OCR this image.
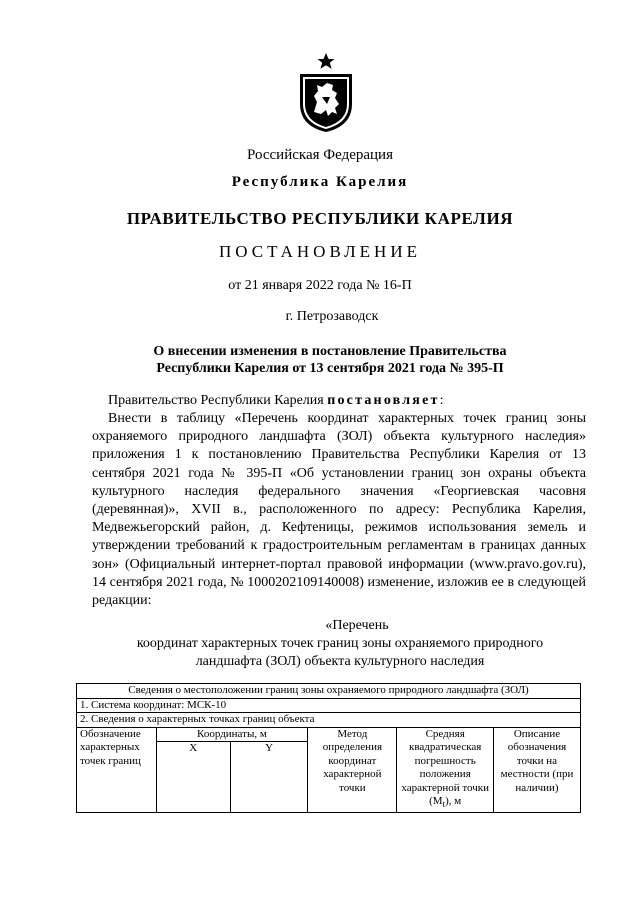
Российская Федерация
Республика Карелия
ПРАВИТЕЛЬСТВО РЕСПУБЛИКИ КАРЕЛИЯ
ПОСТАНОВЛЕНИЕ
от 21 января 2022 года № 16-П
г. Петрозаводск
О внесении изменения в постановление Правительства
Республики Карелия от 13 сентября 2021 года № 395-П
Правительство Республики Карелия постановляет:
Внести в таблицу «Перечень координат характерных точек границ зоны охраняемого природного ландшафта (ЗОЛ) объекта культурного наследия» приложения 1 к постановлению Правительства Республики Карелия от 13 сентября 2021 года № 395-П «Об установлении границ зон охраны объекта культурного наследия федерального значения «Георгиевская часовня (деревянная)», XVII в., расположенного по адресу: Республика Карелия, Медвежьегорский район, д. Кефтеницы, режимов использования земель и утверждении требований к градостроительным регламентам в границах данных зон» (Официальный интернет-портал правовой информации (www.pravo.gov.ru), 14 сентября 2021 года, № 1000202109140008) изменение, изложив ее в следующей редакции:
«Перечень
координат характерных точек границ зоны охраняемого природного
ландшафта (ЗОЛ) объекта культурного наследия
Сведения о местоположении границ зоны охраняемого природного ландшафта (ЗОЛ)					
1. Система координат: МСК-10					
2. Сведения о характерных точках границ объекта					
Обозначение характерных точек границ	Координаты, м		Метод определения координат характерной точки	Средняя квадратическая погрешность положения характерной точки $(M_t)$, м	Описание обозначения точки на местности (при наличии)
	X	Y			
